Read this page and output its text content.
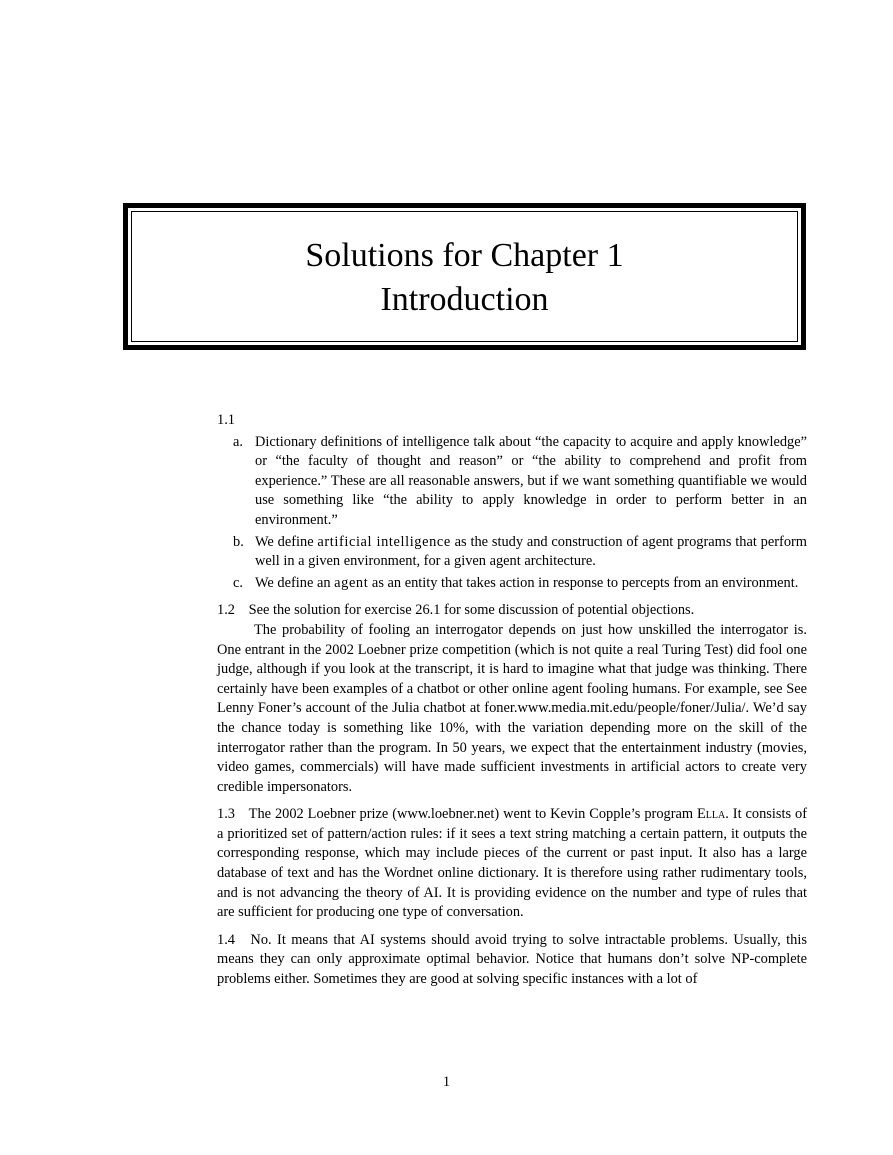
Solutions for Chapter 1
Introduction
1.1
a. Dictionary definitions of intelligence talk about “the capacity to acquire and apply knowledge” or “the faculty of thought and reason” or “the ability to comprehend and profit from experience.” These are all reasonable answers, but if we want something quantifiable we would use something like “the ability to apply knowledge in order to perform better in an environment.”
b. We define artificial intelligence as the study and construction of agent programs that perform well in a given environment, for a given agent architecture.
c. We define an agent as an entity that takes action in response to percepts from an environment.

1.2 See the solution for exercise 26.1 for some discussion of potential objections.

The probability of fooling an interrogator depends on just how unskilled the interrogator is. One entrant in the 2002 Loebner prize competition (which is not quite a real Turing Test) did fool one judge, although if you look at the transcript, it is hard to imagine what that judge was thinking. There certainly have been examples of a chatbot or other online agent fooling humans. For example, see See Lenny Foner’s account of the Julia chatbot at foner.www.media.mit.edu/people/foner/Julia/. We’d say the chance today is something like 10%, with the variation depending more on the skill of the interrogator rather than the program. In 50 years, we expect that the entertainment industry (movies, video games, commercials) will have made sufficient investments in artificial actors to create very credible impersonators.

1.3 The 2002 Loebner prize (www.loebner.net) went to Kevin Copple’s program Ella. It consists of a prioritized set of pattern/action rules: if it sees a text string matching a certain pattern, it outputs the corresponding response, which may include pieces of the current or past input. It also has a large database of text and has the Wordnet online dictionary. It is therefore using rather rudimentary tools, and is not advancing the theory of AI. It is providing evidence on the number and type of rules that are sufficient for producing one type of conversation.
1.4 No. It means that AI systems should avoid trying to solve intractable problems. Usually, this means they can only approximate optimal behavior. Notice that humans don’t solve NP-complete problems either. Sometimes they are good at solving specific instances with a lot of
1
